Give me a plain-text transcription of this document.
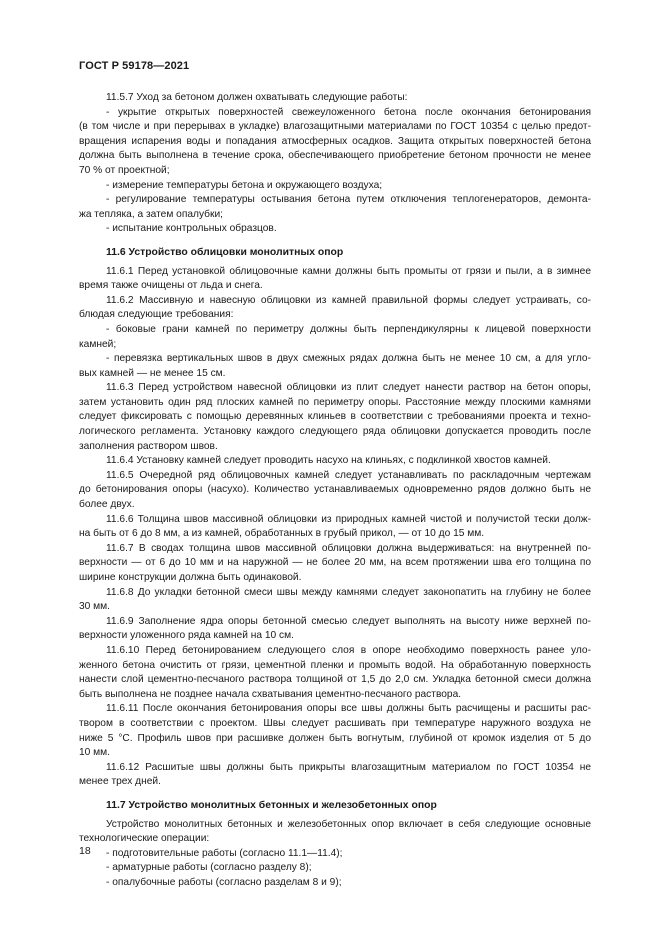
ГОСТ Р 59178—2021
11.5.7 Уход за бетоном должен охватывать следующие работы:
- укрытие открытых поверхностей свежеуложенного бетона после окончания бетонирования
(в том числе и при перерывах в укладке) влагозащитными материалами по ГОСТ 10354 с целью предот-
вращения испарения воды и попадания атмосферных осадков. Защита открытых поверхностей бетона
должна быть выполнена в течение срока, обеспечивающего приобретение бетоном прочности не менее
70 % от проектной;
- измерение температуры бетона и окружающего воздуха;
- регулирование температуры остывания бетона путем отключения теплогенераторов, демонта-
жа тепляка, а затем опалубки;
- испытание контрольных образцов.
11.6 Устройство облицовки монолитных опор
11.6.1 Перед установкой облицовочные камни должны быть промыты от грязи и пыли, а в зимнее
время также очищены от льда и снега.
11.6.2 Массивную и навесную облицовки из камней правильной формы следует устраивать, со-
блюдая следующие требования:
- боковые грани камней по периметру должны быть перпендикулярны к лицевой поверхности
камней;
- перевязка вертикальных швов в двух смежных рядах должна быть не менее 10 см, а для угло-
вых камней — не менее 15 см.
11.6.3 Перед устройством навесной облицовки из плит следует нанести раствор на бетон опоры,
затем установить один ряд плоских камней по периметру опоры. Расстояние между плоскими камнями
следует фиксировать с помощью деревянных клиньев в соответствии с требованиями проекта и техно-
логического регламента. Установку каждого следующего ряда облицовки допускается проводить после
заполнения раствором швов.
11.6.4 Установку камней следует проводить насухо на клиньях, с подклинкой хвостов камней.
11.6.5 Очередной ряд облицовочных камней следует устанавливать по раскладочным чертежам
до бетонирования опоры (насухо). Количество устанавливаемых одновременно рядов должно быть не
более двух.
11.6.6 Толщина швов массивной облицовки из природных камней чистой и получистой тески долж-
на быть от 6 до 8 мм, а из камней, обработанных в грубый прикол, — от 10 до 15 мм.
11.6.7 В сводах толщина швов массивной облицовки должна выдерживаться: на внутренней по-
верхности — от 6 до 10 мм и на наружной — не более 20 мм, на всем протяжении шва его толщина по
ширине конструкции должна быть одинаковой.
11.6.8 До укладки бетонной смеси швы между камнями следует законопатить на глубину не более
30 мм.
11.6.9 Заполнение ядра опоры бетонной смесью следует выполнять на высоту ниже верхней по-
верхности уложенного ряда камней на 10 см.
11.6.10 Перед бетонированием следующего слоя в опоре необходимо поверхность ранее уло-
женного бетона очистить от грязи, цементной пленки и промыть водой. На обработанную поверхность
нанести слой цементно-песчаного раствора толщиной от 1,5 до 2,0 см. Укладка бетонной смеси должна
быть выполнена не позднее начала схватывания цементно-песчаного раствора.
11.6.11 После окончания бетонирования опоры все швы должны быть расчищены и расшиты рас-
твором в соответствии с проектом. Швы следует расшивать при температуре наружного воздуха не
ниже 5 °С. Профиль швов при расшивке должен быть вогнутым, глубиной от кромок изделия от 5 до
10 мм.
11.6.12 Расшитые швы должны быть прикрыты влагозащитным материалом по ГОСТ 10354 не
менее трех дней.
11.7 Устройство монолитных бетонных и железобетонных опор
Устройство монолитных бетонных и железобетонных опор включает в себя следующие основные
технологические операции:
- подготовительные работы (согласно 11.1—11.4);
- арматурные работы (согласно разделу 8);
- опалубочные работы (согласно разделам 8 и 9);
18
